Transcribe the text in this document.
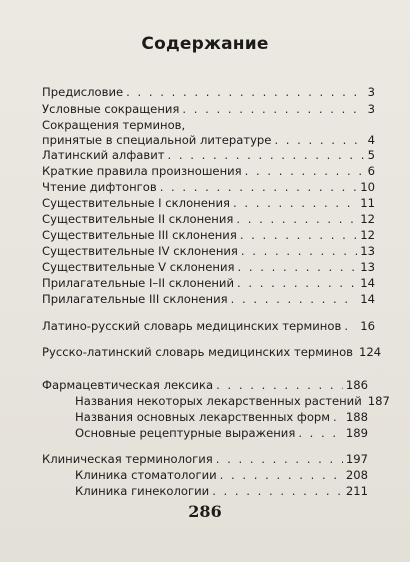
Содержание
Предисловие . . .	3
Условные сокращения . . .	3
Сокращения терминов,
принятые в специальной литературе . . .	4
Латинский алфавит . . .	5
Краткие правила произношения . . .	6
Чтение дифтонгов . . .	10
Существительные I склонения . . .	11
Существительные II склонения . . .	12
Существительные III склонения . . .	12
Существительные IV склонения . . .	13
Существительные V склонения . . .	13
Прилагательные I–II склонений . . .	14
Прилагательные III склонения . . .	14
Латино-русский словарь медицинских терминов . . . 16
Русско-латинский словарь медицинских терминов 124
Фармацевтическая лексика . . .	186
Названия некоторых лекарственных растений 187
Названия основных лекарственных форм . . . 188
Основные рецептурные выражения . . .	189
Клиническая терминология . . .	197
Клиника стоматологии . . .	208
Клиника гинекологии . . .	211
286
